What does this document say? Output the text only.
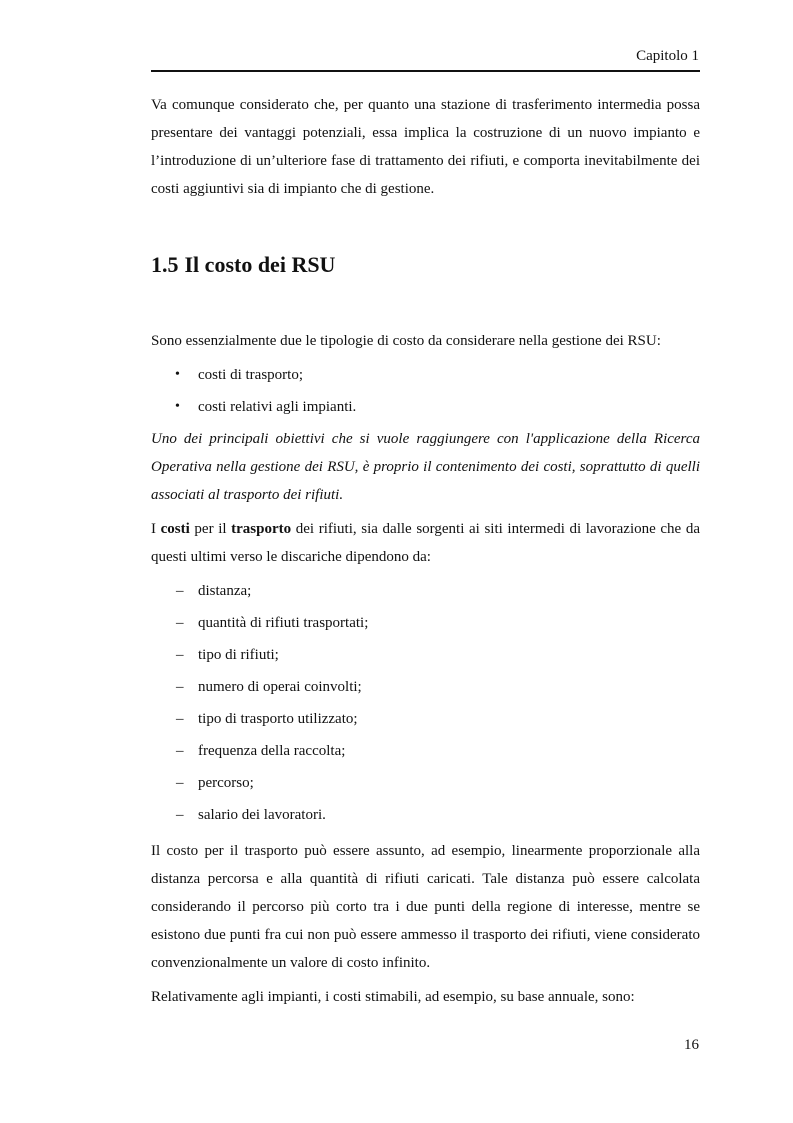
Capitolo 1

Va comunque considerato che, per quanto una stazione di trasferimento intermedia possa presentare dei vantaggi potenziali, essa implica la costruzione di un nuovo impianto e l’introduzione di un’ulteriore fase di trattamento dei rifiuti, e comporta inevitabilmente dei costi aggiuntivi sia di impianto che di gestione.

1.5 Il costo dei RSU

Sono essenzialmente due le tipologie di costo da considerare nella gestione dei RSU:

• costi di trasporto;
• costi relativi agli impianti.

Uno dei principali obiettivi che si vuole raggiungere con l'applicazione della Ricerca Operativa nella gestione dei RSU, è proprio il contenimento dei costi, soprattutto di quelli associati al trasporto dei rifiuti.

I costi per il trasporto dei rifiuti, sia dalle sorgenti ai siti intermedi di lavorazione che da questi ultimi verso le discariche dipendono da:

– distanza;
– quantità di rifiuti trasportati;
– tipo di rifiuti;
– numero di operai coinvolti;
– tipo di trasporto utilizzato;
– frequenza della raccolta;
– percorso;
– salario dei lavoratori.

Il costo per il trasporto può essere assunto, ad esempio, linearmente proporzionale alla distanza percorsa e alla quantità di rifiuti caricati. Tale distanza può essere calcolata considerando il percorso più corto tra i due punti della regione di interesse, mentre se esistono due punti fra cui non può essere ammesso il trasporto dei rifiuti, viene considerato convenzionalmente un valore di costo infinito.

Relativamente agli impianti, i costi stimabili, ad esempio, su base annuale, sono:

16
